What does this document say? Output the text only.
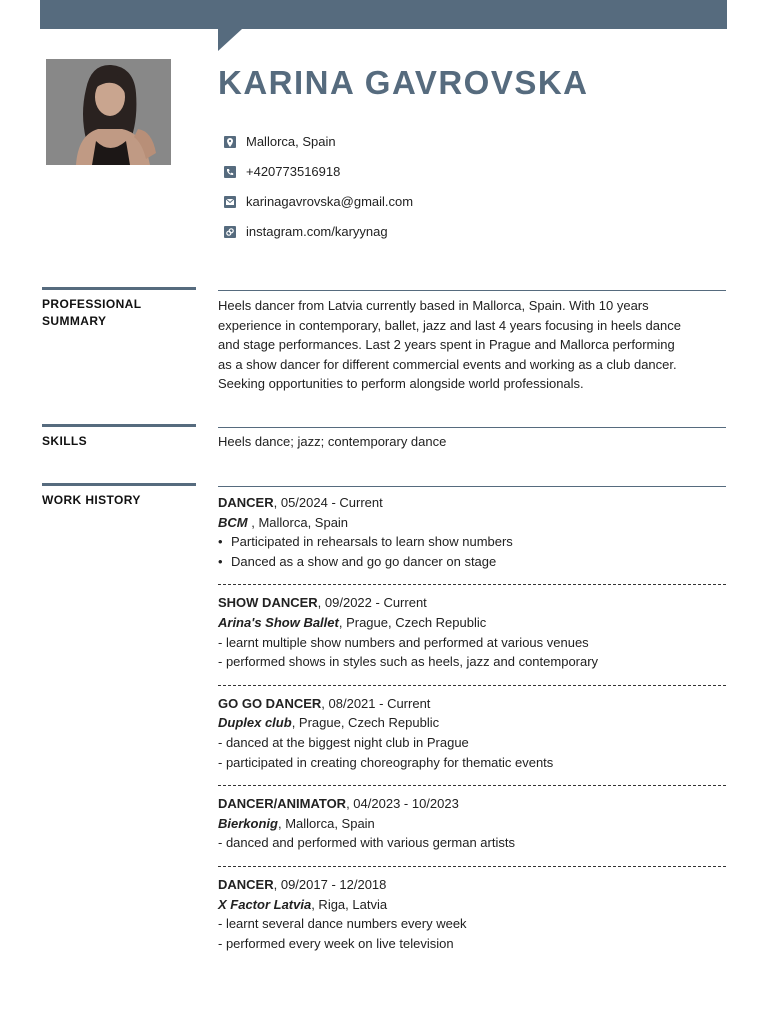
KARINA GAVROVSKA
Mallorca, Spain
+420773516918
karinagavrovska@gmail.com
instagram.com/karyynag
PROFESSIONAL
SUMMARY
Heels dancer from Latvia currently based in Mallorca, Spain. With 10 years
experience in contemporary, ballet, jazz and last 4 years focusing in heels dance
and stage performances. Last 2 years spent in Prague and Mallorca performing
as a show dancer for different commercial events and working as a club dancer.
Seeking opportunities to perform alongside world professionals.
SKILLS	Heels dance; jazz; contemporary dance
WORK HISTORY	DANCER, 05/2024 - Current
BCM , Mallorca, Spain
• Participated in rehearsals to learn show numbers
• Danced as a show and go go dancer on stage
SHOW DANCER, 09/2022 - Current
Arina's Show Ballet, Prague, Czech Republic
- learnt multiple show numbers and performed at various venues
- performed shows in styles such as heels, jazz and contemporary
GO GO DANCER, 08/2021 - Current
Duplex club, Prague, Czech Republic
- danced at the biggest night club in Prague
- participated in creating choreography for thematic events
DANCER/ANIMATOR, 04/2023 - 10/2023
Bierkonig, Mallorca, Spain
- danced and performed with various german artists
DANCER, 09/2017 - 12/2018
X Factor Latvia, Riga, Latvia
- learnt several dance numbers every week
- performed every week on live television
